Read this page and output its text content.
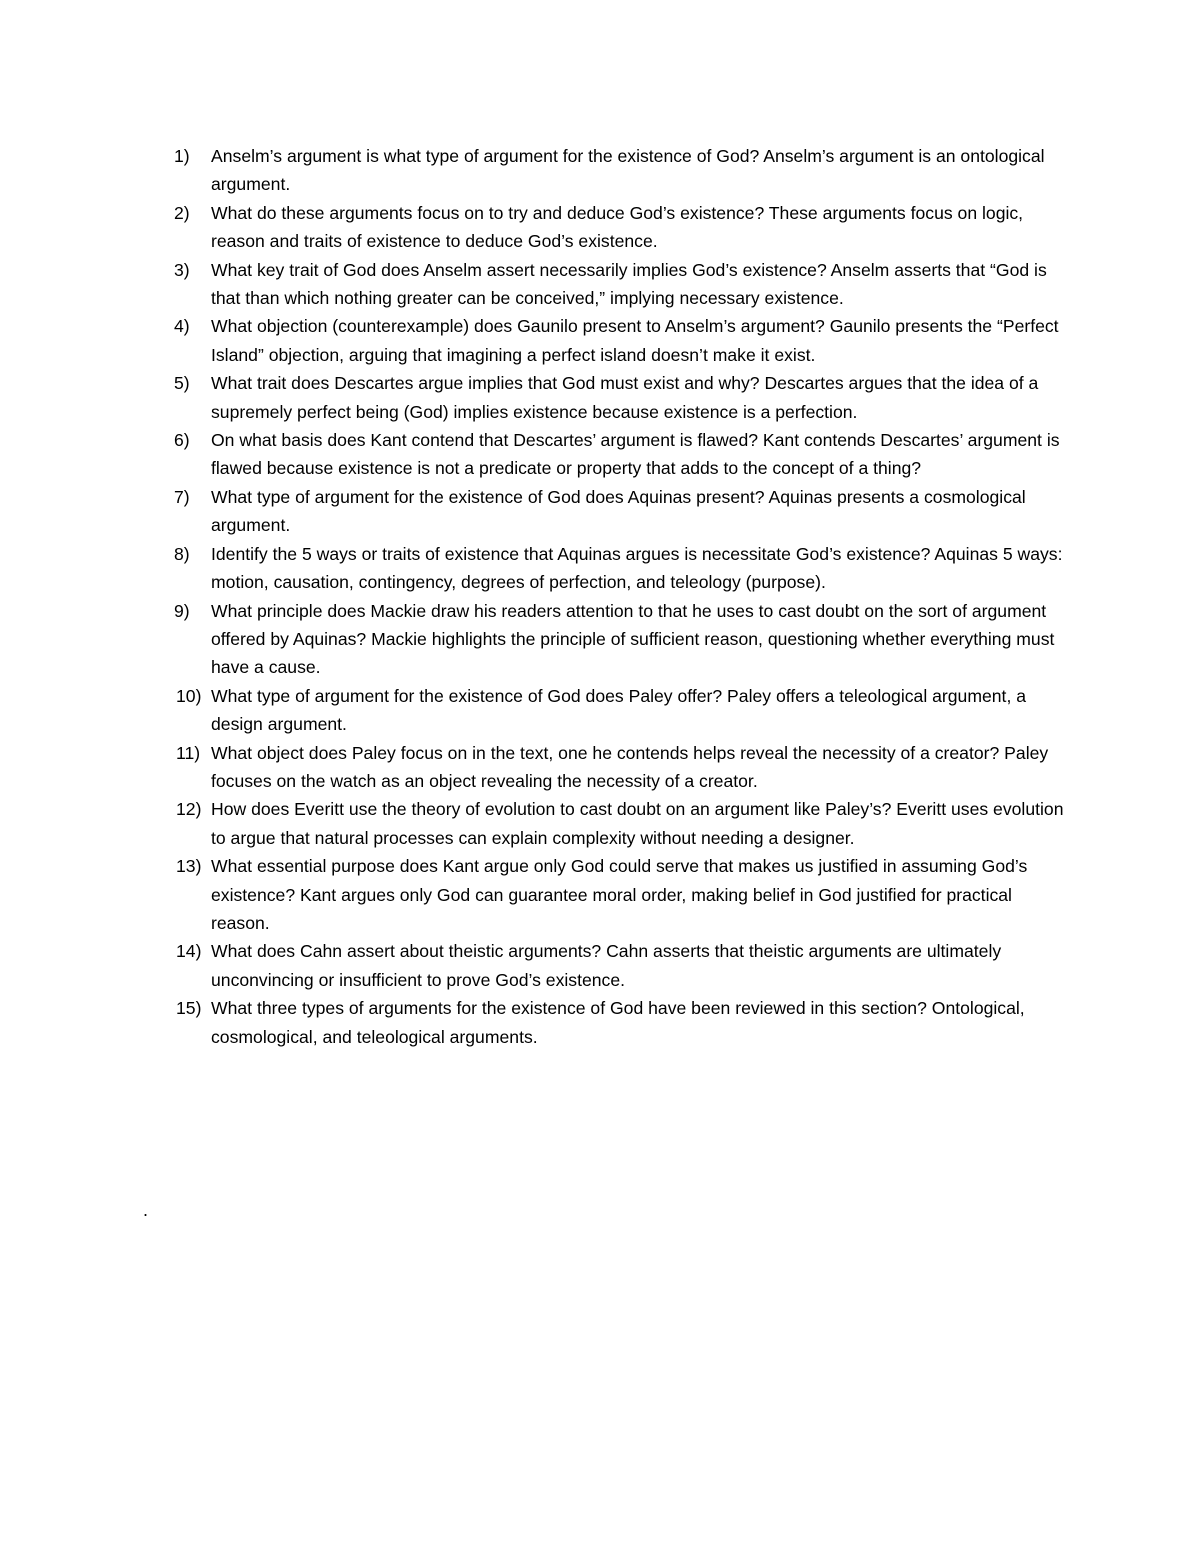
1) Anselm’s argument is what type of argument for the existence of God? Anselm’s argument is an ontological argument.
2) What do these arguments focus on to try and deduce God’s existence? These arguments focus on logic, reason and traits of existence to deduce God’s existence.
3) What key trait of God does Anselm assert necessarily implies God’s existence? Anselm asserts that “God is that than which nothing greater can be conceived,” implying necessary existence.
4) What objection (counterexample) does Gaunilo present to Anselm’s argument? Gaunilo presents the “Perfect Island” objection, arguing that imagining a perfect island doesn’t make it exist.
5) What trait does Descartes argue implies that God must exist and why? Descartes argues that the idea of a supremely perfect being (God) implies existence because existence is a perfection.
6) On what basis does Kant contend that Descartes’ argument is flawed? Kant contends Descartes’ argument is flawed because existence is not a predicate or property that adds to the concept of a thing?
7) What type of argument for the existence of God does Aquinas present? Aquinas presents a cosmological argument.
8) Identify the 5 ways or traits of existence that Aquinas argues is necessitate God’s existence? Aquinas 5 ways: motion, causation, contingency, degrees of perfection, and teleology (purpose).
9) What principle does Mackie draw his readers attention to that he uses to cast doubt on the sort of argument offered by Aquinas? Mackie highlights the principle of sufficient reason, questioning whether everything must have a cause.
10) What type of argument for the existence of God does Paley offer? Paley offers a teleological argument, a design argument.
11) What object does Paley focus on in the text, one he contends helps reveal the necessity of a creator? Paley focuses on the watch as an object revealing the necessity of a creator.
12) How does Everitt use the theory of evolution to cast doubt on an argument like Paley’s? Everitt uses evolution to argue that natural processes can explain complexity without needing a designer.
13) What essential purpose does Kant argue only God could serve that makes us justified in assuming God’s existence? Kant argues only God can guarantee moral order, making belief in God justified for practical reason.
14) What does Cahn assert about theistic arguments? Cahn asserts that theistic arguments are ultimately unconvincing or insufficient to prove God’s existence.
15) What three types of arguments for the existence of God have been reviewed in this section? Ontological, cosmological, and teleological arguments.
.
